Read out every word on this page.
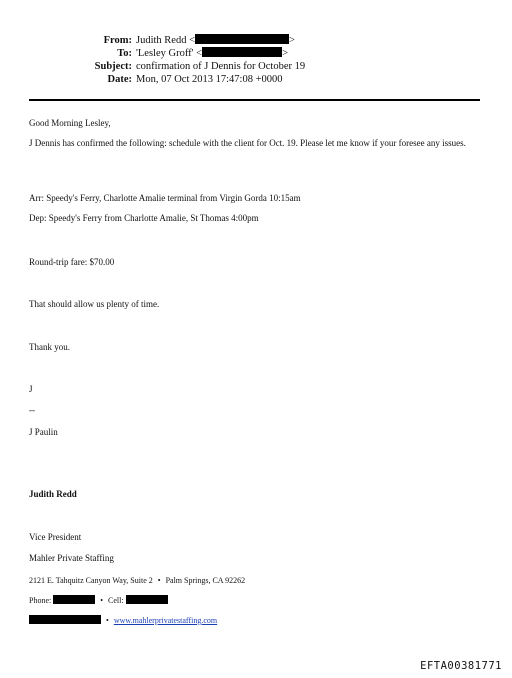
From: Judith Redd <	>
To: 'Lesley Groff' <	>
Subject: confirmation of J Dennis for October 19
Date: Mon, 07 Oct 2013 17:47:08 +0000
Good Morning Lesley,
J Dennis has confirmed the following: schedule with the client for Oct. 19. Please let me know if your foresee any issues.
Arr: Speedy's Ferry, Charlotte Amalie terminal from Virgin Gorda 10:15am
Dep: Speedy's Ferry from Charlotte Amalie, St Thomas 4:00pm
Round-trip fare: $70.00
That should allow us plenty of time.
Thank you.
J
--
J Paulin
Judith Redd
Vice President
Mahler Private Staffing
2121 E. Tahquitz Canyon Way, Suite 2 • Palm Springs, CA 92262
Phone:	• Cell:
• www.mahlerprivatestaffing.com
EFTA00381771
